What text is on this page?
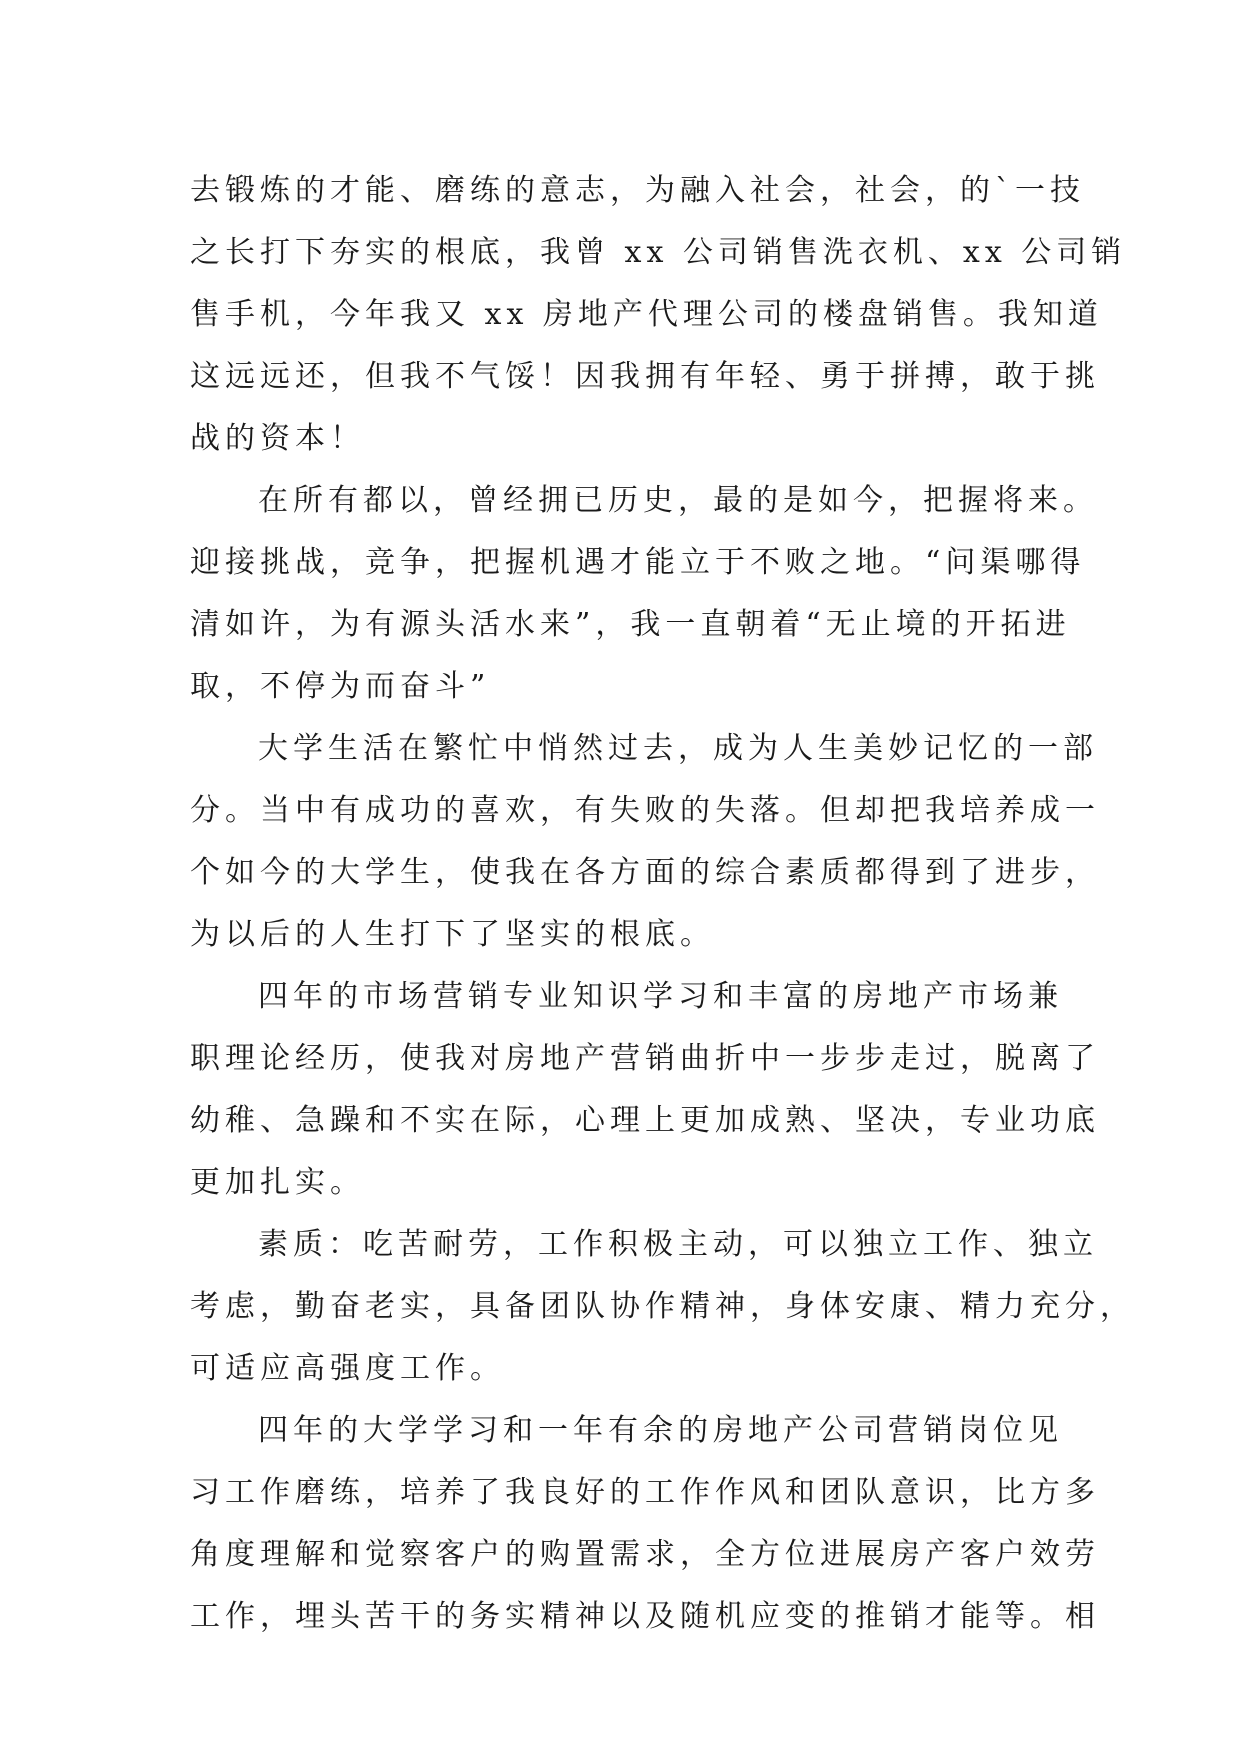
去锻炼的才能、磨练的意志，为融入社会，社会，的`一技
之长打下夯实的根底，我曾 xx 公司销售洗衣机、xx 公司销
售手机，今年我又 xx 房地产代理公司的楼盘销售。我知道
这远远还，但我不气馁！因我拥有年轻、勇于拼搏，敢于挑
战的资本！
在所有都以，曾经拥已历史，最的是如今，把握将来。
迎接挑战，竞争，把握机遇才能立于不败之地。“问渠哪得
清如许，为有源头活水来”，我一直朝着“无止境的开拓进
取，不停为而奋斗”
大学生活在繁忙中悄然过去，成为人生美妙记忆的一部
分。当中有成功的喜欢，有失败的失落。但却把我培养成一
个如今的大学生，使我在各方面的综合素质都得到了进步，
为以后的人生打下了坚实的根底。
四年的市场营销专业知识学习和丰富的房地产市场兼
职理论经历，使我对房地产营销曲折中一步步走过，脱离了
幼稚、急躁和不实在际，心理上更加成熟、坚决，专业功底
更加扎实。
素质：吃苦耐劳，工作积极主动，可以独立工作、独立
考虑，勤奋老实，具备团队协作精神，身体安康、精力充分，
可适应高强度工作。
四年的大学学习和一年有余的房地产公司营销岗位见
习工作磨练，培养了我良好的工作作风和团队意识，比方多
角度理解和觉察客户的购置需求，全方位进展房产客户效劳
工作，埋头苦干的务实精神以及随机应变的推销才能等。相
